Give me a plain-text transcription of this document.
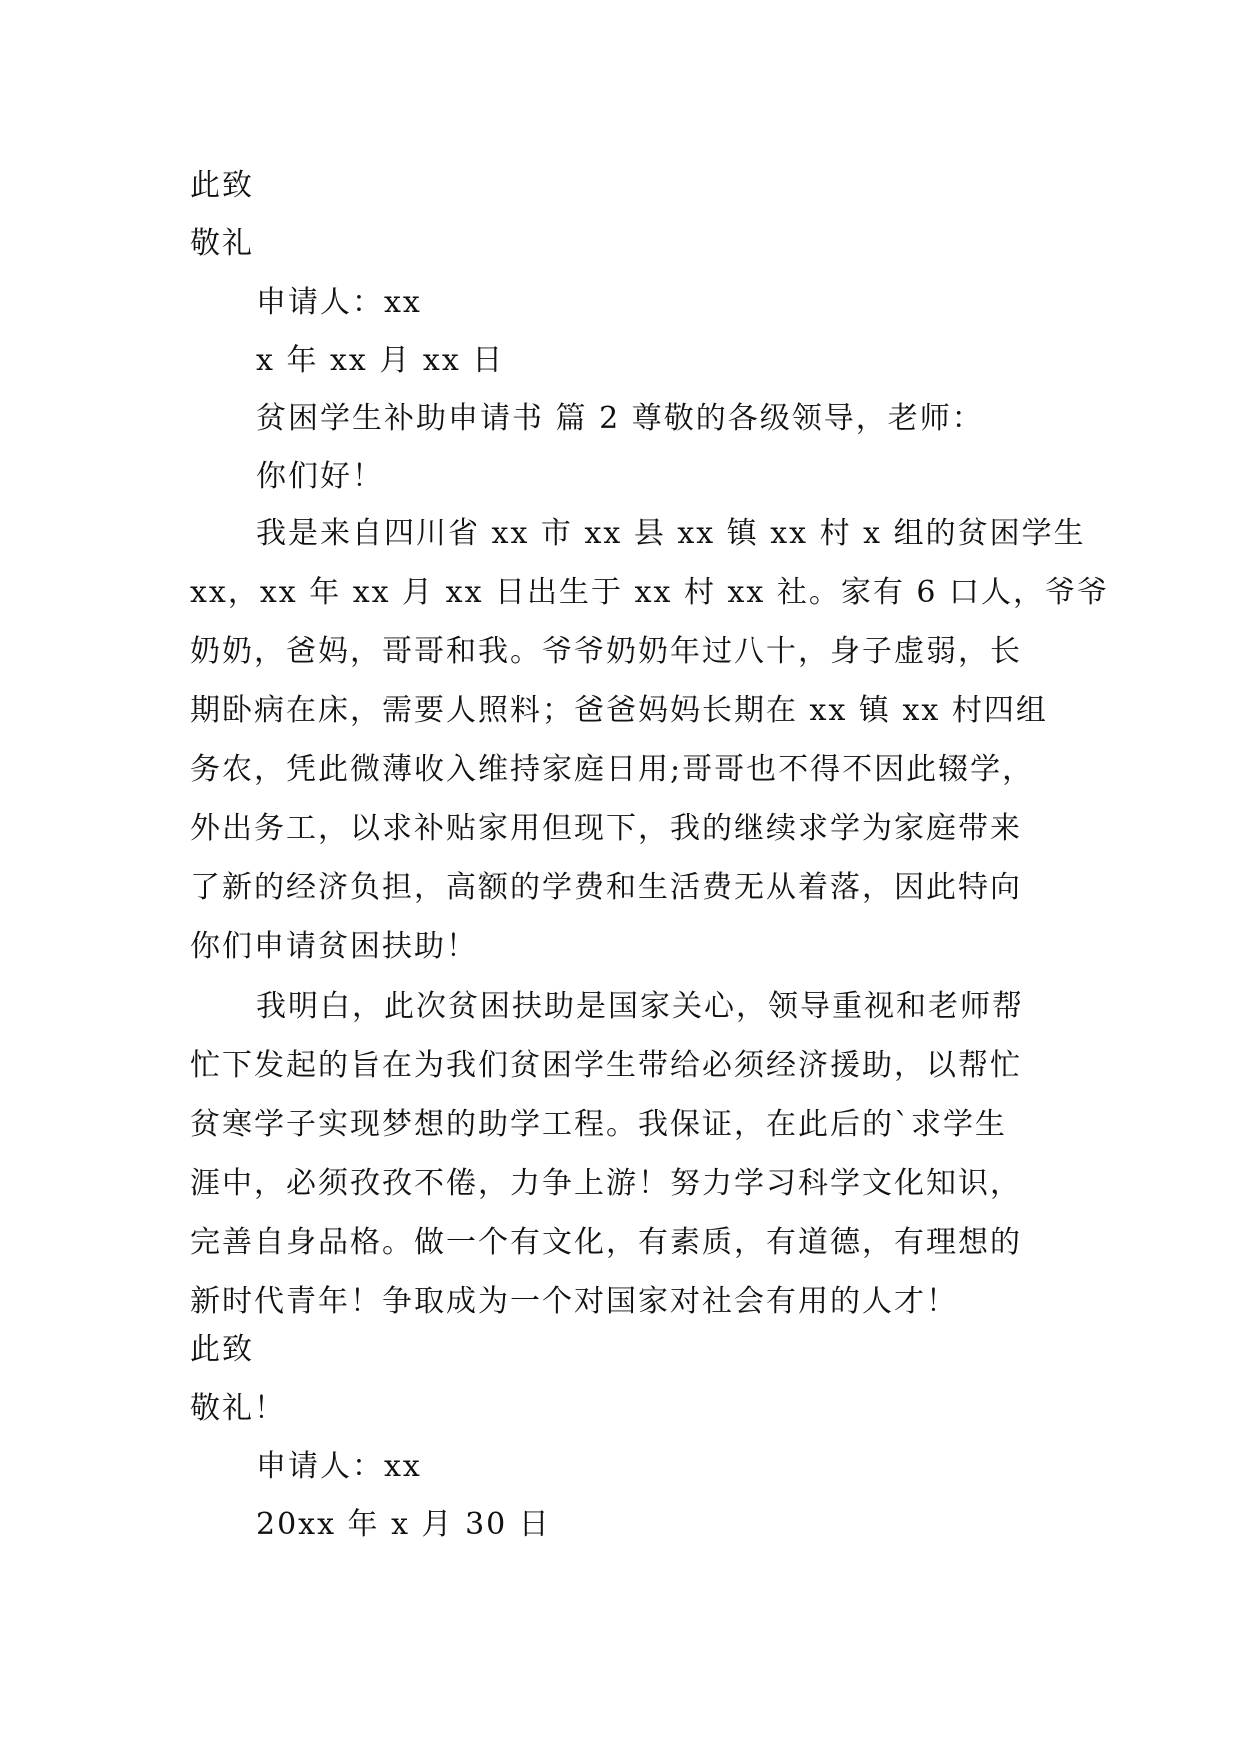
此致
敬礼
申请人：xx
x 年 xx 月 xx 日
贫困学生补助申请书 篇 2 尊敬的各级领导，老师：
你们好！
我是来自四川省 xx 市 xx 县 xx 镇 xx 村 x 组的贫困学生
xx，xx 年 xx 月 xx 日出生于 xx 村 xx 社。家有 6 口人，爷爷
奶奶，爸妈，哥哥和我。爷爷奶奶年过八十，身子虚弱，长
期卧病在床，需要人照料；爸爸妈妈长期在 xx 镇 xx 村四组
务农，凭此微薄收入维持家庭日用;哥哥也不得不因此辍学，
外出务工，以求补贴家用但现下，我的继续求学为家庭带来
了新的经济负担，高额的学费和生活费无从着落，因此特向
你们申请贫困扶助！
我明白，此次贫困扶助是国家关心，领导重视和老师帮
忙下发起的旨在为我们贫困学生带给必须经济援助，以帮忙
贫寒学子实现梦想的助学工程。我保证，在此后的`求学生
涯中，必须孜孜不倦，力争上游！努力学习科学文化知识，
完善自身品格。做一个有文化，有素质，有道德，有理想的
新时代青年！争取成为一个对国家对社会有用的人才！
此致
敬礼！
申请人：xx
20xx 年 x 月 30 日
